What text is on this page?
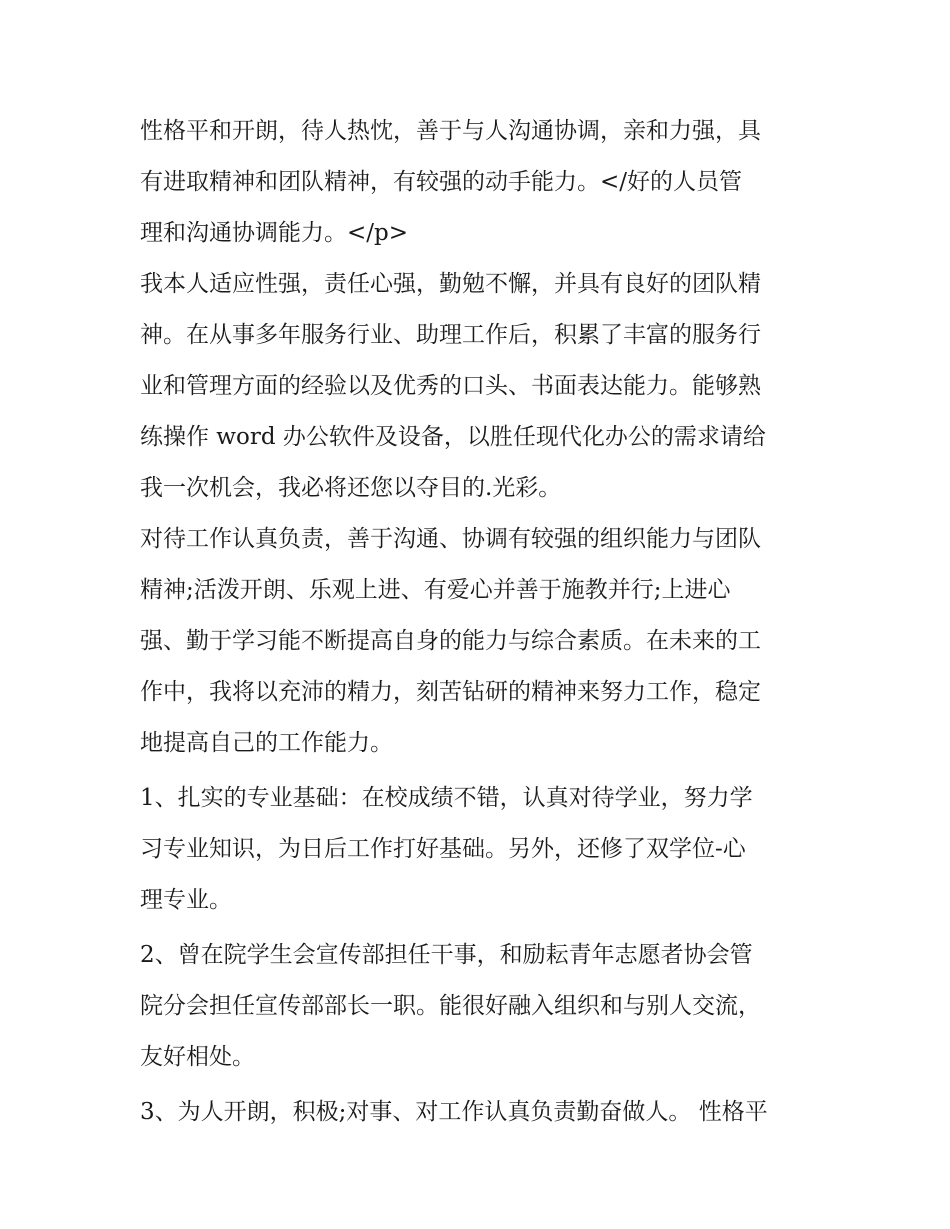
性格平和开朗，待人热忱，善于与人沟通协调，亲和力强，具
有进取精神和团队精神，有较强的动手能力。</好的人员管
理和沟通协调能力。</p>

我本人适应性强，责任心强，勤勉不懈，并具有良好的团队精
神。在从事多年服务行业、助理工作后，积累了丰富的服务行
业和管理方面的经验以及优秀的口头、书面表达能力。能够熟
练操作 word 办公软件及设备，以胜任现代化办公的需求请给
我一次机会，我必将还您以夺目的.光彩。

对待工作认真负责，善于沟通、协调有较强的组织能力与团队
精神;活泼开朗、乐观上进、有爱心并善于施教并行;上进心
强、勤于学习能不断提高自身的能力与综合素质。在未来的工
作中，我将以充沛的精力，刻苦钻研的精神来努力工作，稳定
地提高自己的工作能力。

1、扎实的专业基础：在校成绩不错，认真对待学业，努力学
习专业知识，为日后工作打好基础。另外，还修了双学位-心
理专业。

2、曾在院学生会宣传部担任干事，和励耘青年志愿者协会管
院分会担任宣传部部长一职。能很好融入组织和与别人交流，
友好相处。

3、为人开朗，积极;对事、对工作认真负责勤奋做人。 性格平
